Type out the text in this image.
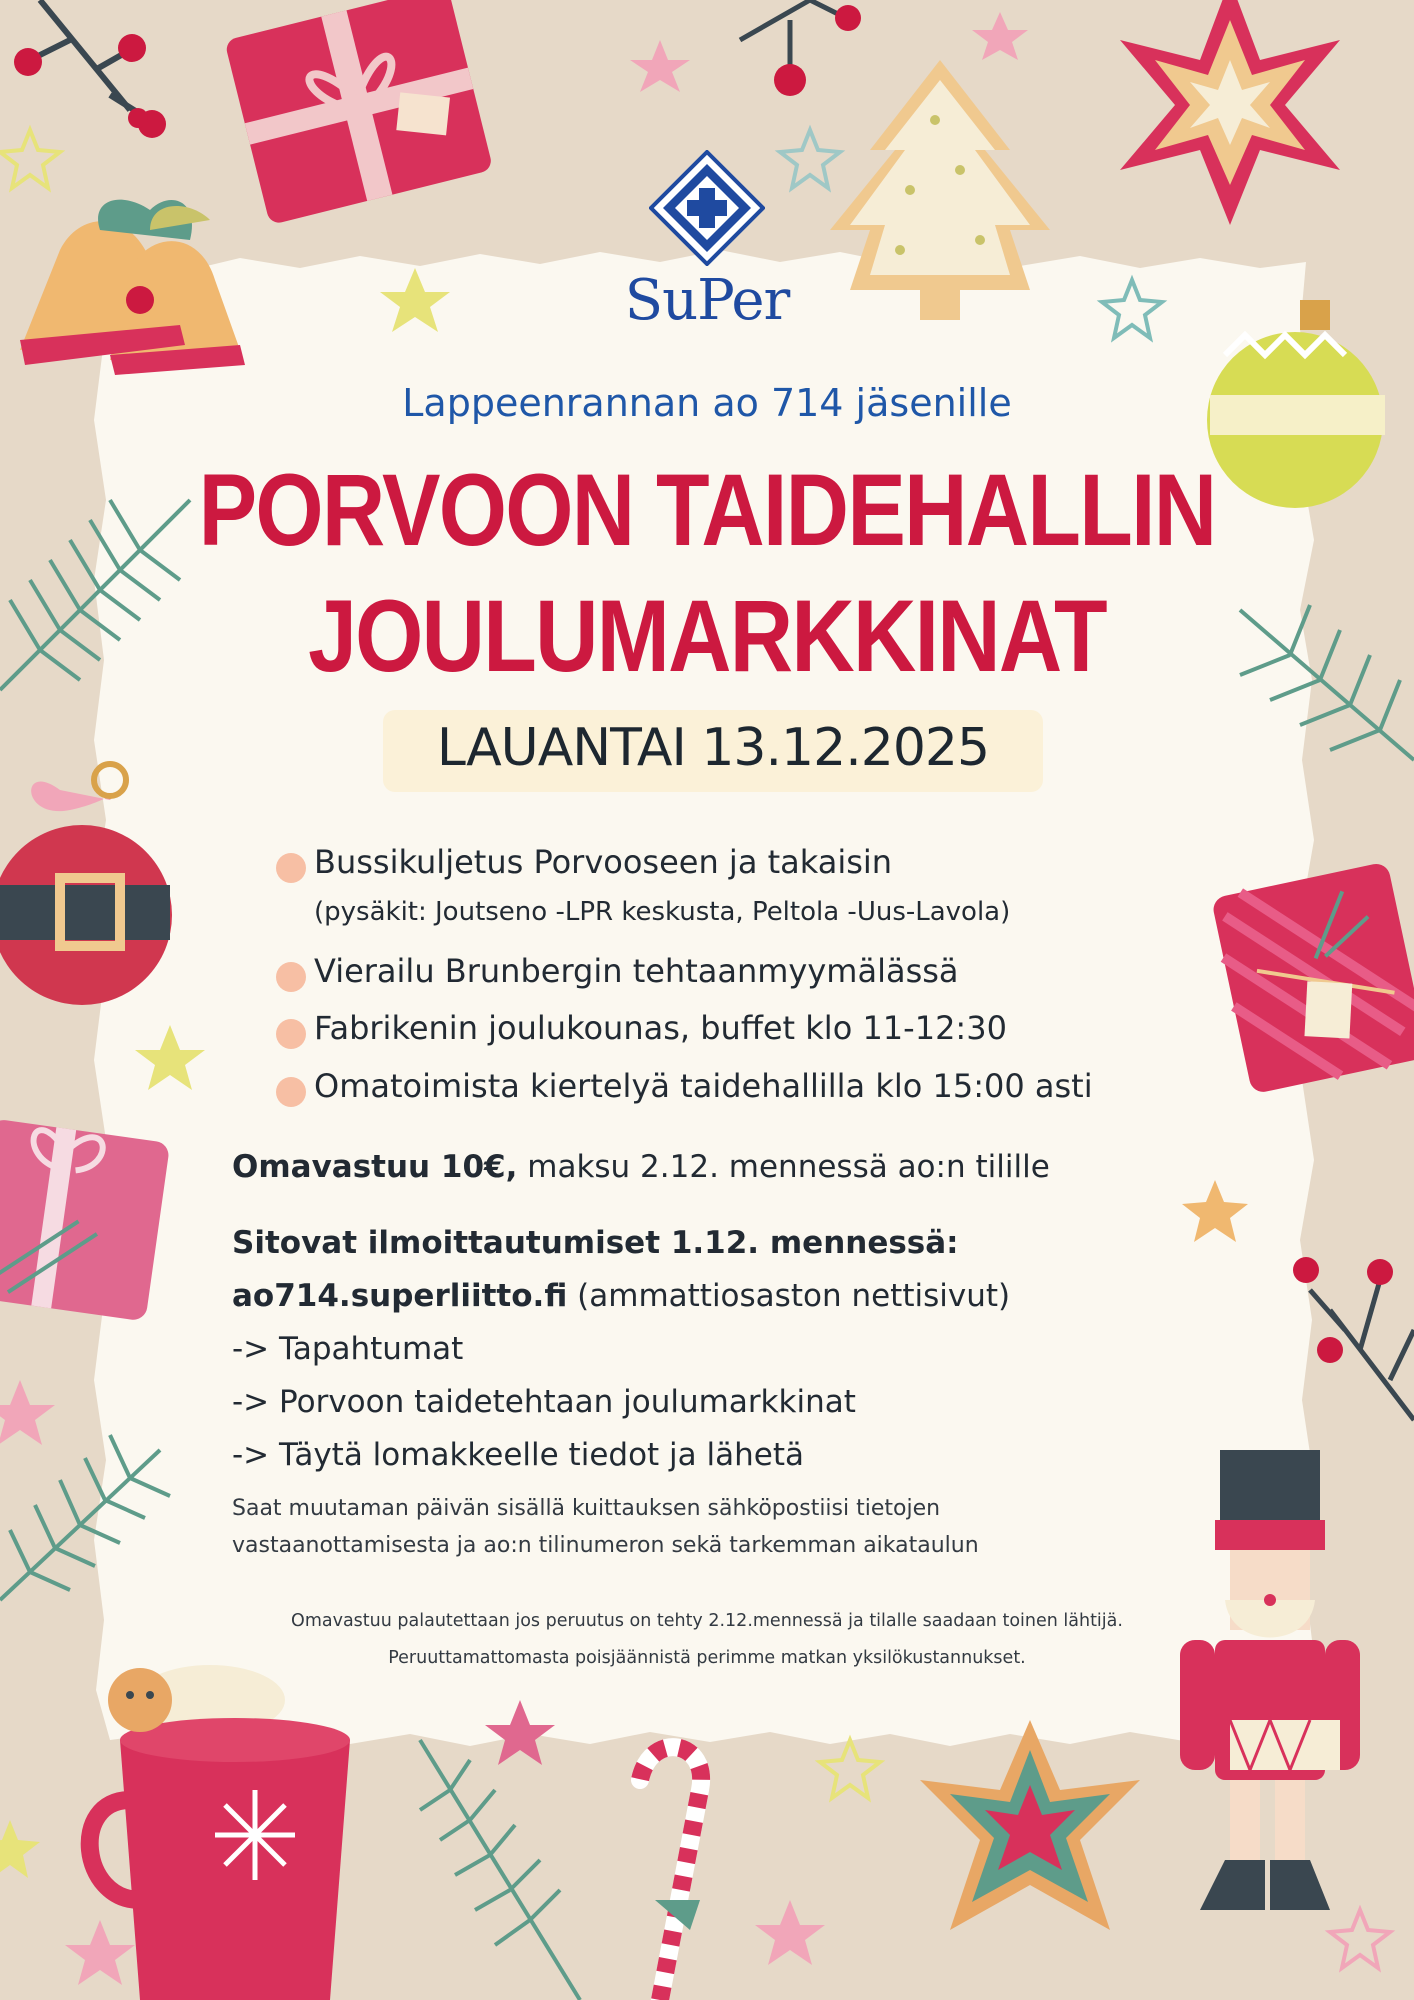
SuPer
Lappeenrannan ao 714 jäsenille
PORVOON TAIDEHALLIN
JOULUMARKKINAT
LAUANTAI 13.12.2025
Bussikuljetus Porvooseen ja takaisin
(pysäkit: Joutseno -LPR keskusta, Peltola -Uus-Lavola)
Vierailu Brunbergin tehtaanmyymälässä
Fabrikenin joulukounas, buffet klo 11-12:30
Omatoimista kiertelyä taidehallilla klo 15:00 asti
Omavastuu 10€, maksu 2.12. mennessä ao:n tilille
Sitovat ilmoittautumiset 1.12. mennessä:
ao714.superliitto.fi (ammattiosaston nettisivut)
-> Tapahtumat
-> Porvoon taidetehtaan joulumarkkinat
-> Täytä lomakkeelle tiedot ja lähetä
Saat muutaman päivän sisällä kuittauksen sähköpostiisi tietojen
vastaanottamisesta ja ao:n tilinumeron sekä tarkemman aikataulun
Omavastuu palautettaan jos peruutus on tehty 2.12.mennessä ja tilalle saadaan toinen lähtijä.
Peruuttamattomasta poisjäännistä perimme matkan yksilökustannukset.
